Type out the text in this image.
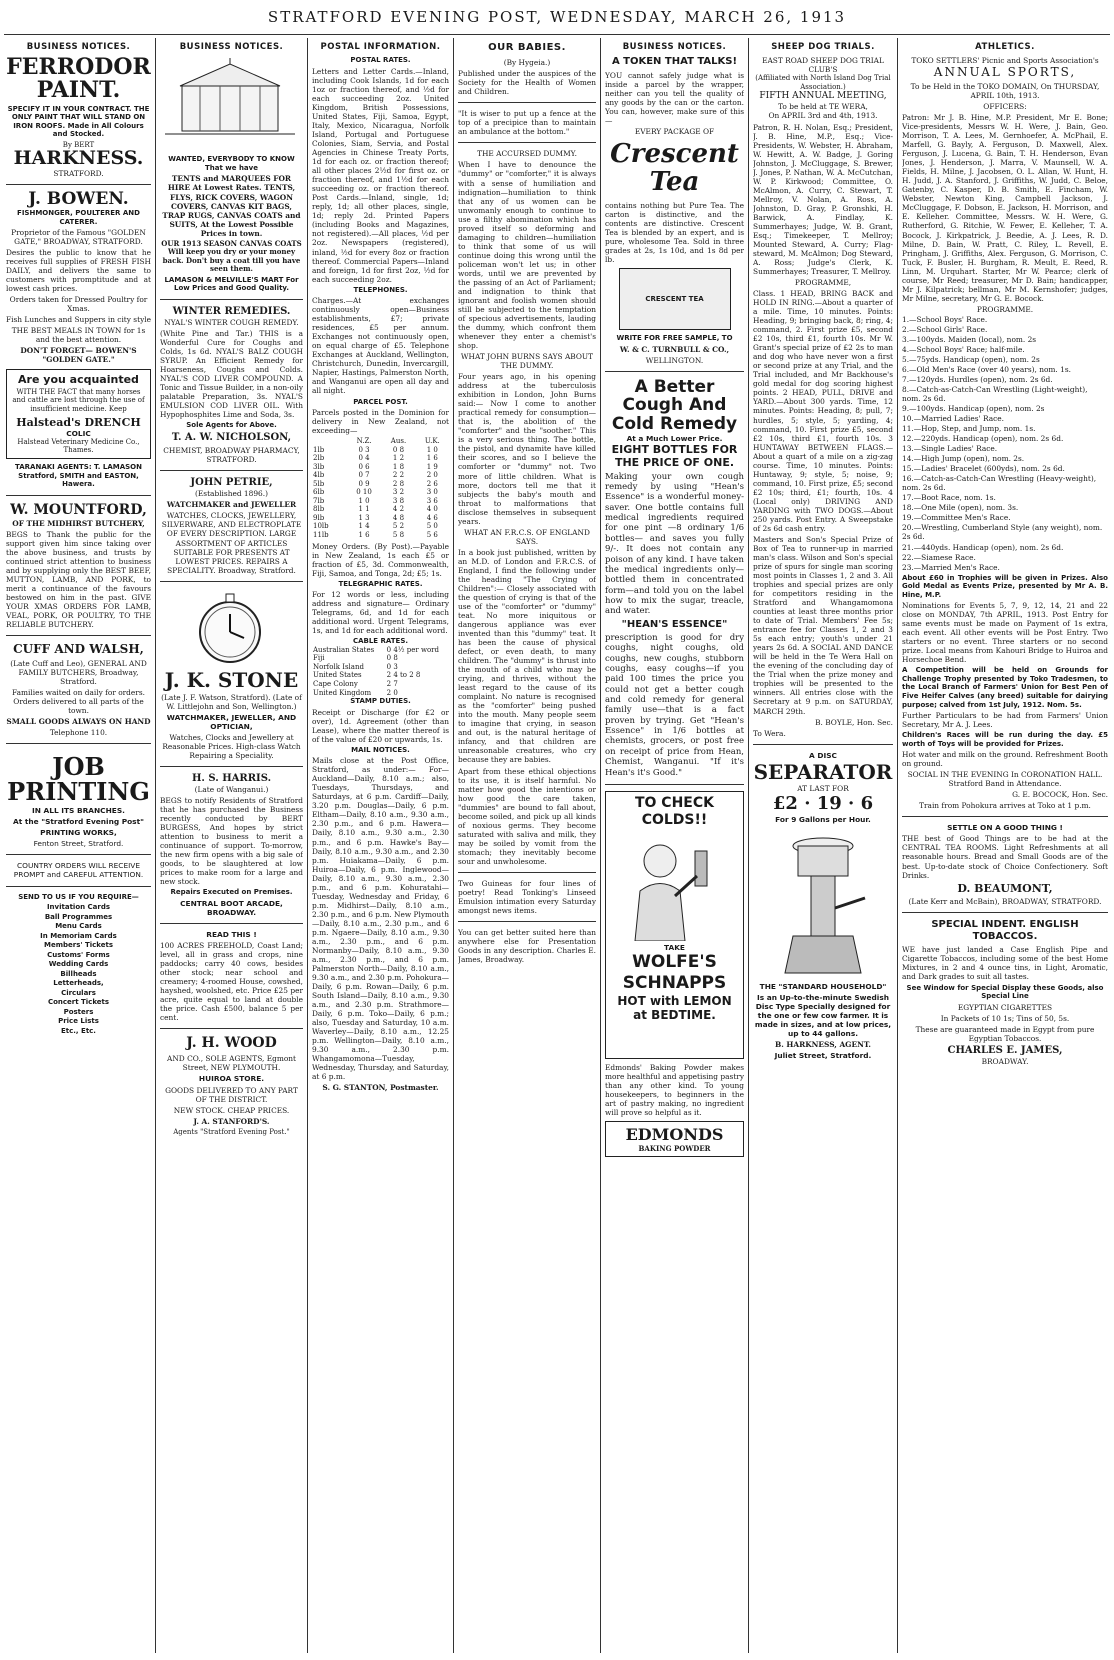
STRATFORD EVENING POST, WEDNESDAY, MARCH 26, 1913
BUSINESS NOTICES.
FERRODOR PAINT.

SPECIFY IT IN YOUR CONTRACT. THE ONLY PAINT THAT WILL STAND ON IRON ROOFS. Made in All Colours and Stocked.

By BERT
HARKNESS.
STRATFORD.
J. BOWEN.
FISHMONGER, POULTERER AND CATERER.

Proprietor of the Famous "GOLDEN GATE," BROADWAY, STRATFORD.

Desires the public to know that he receives full supplies of FRESH FISH DAILY, and delivers the same to customers with promptitude and at lowest cash prices.

Orders taken for Dressed Poultry for Xmas.

Fish Lunches and Suppers in city style

THE BEST MEALS IN TOWN for 1s and the best attention.

DON'T FORGET— BOWEN'S "GOLDEN GATE."

Are you acquainted

WITH THE FACT that many horses and cattle are lost through the use of insufficient medicine. Keep

Halstead's DRENCH
COLIC
Halstead Veterinary Medicine Co., Thames.

TARANAKI AGENTS: T. LAMASON Stratford, SMITH and EASTON, Hawera.

W. MOUNTFORD,
OF THE MIDHIRST BUTCHERY,

BEGS to Thank the public for the support given him since taking over the above business, and trusts by continued strict attention to business and by supplying only the BEST BEEF, MUTTON, LAMB, AND PORK, to merit a continuance of the favours bestowed on him in the past. GIVE YOUR XMAS ORDERS FOR LAMB, VEAL, PORK, OR POULTRY, TO THE RELIABLE BUTCHERY.

CUFF AND WALSH,

(Late Cuff and Leo), GENERAL AND FAMILY BUTCHERS, Broadway, Stratford.

Families waited on daily for orders. Orders delivered to all parts of the town.

SMALL GOODS ALWAYS ON HAND

Telephone 110.

JOB PRINTING

IN ALL ITS BRANCHES.

At the "Stratford Evening Post"

PRINTING WORKS,

Fenton Street, Stratford.

COUNTRY ORDERS WILL RECEIVE PROMPT and CAREFUL ATTENTION.

SEND TO US IF YOU REQUIRE—

Invitation Cards
Ball Programmes
Menu Cards
In Memoriam Cards
Members' Tickets
Customs' Forms
Wedding Cards
Billheads
Letterheads,
Circulars
Concert Tickets
Posters
Price Lists
Etc., Etc.
BUSINESS NOTICES.

WANTED, EVERYBODY TO KNOW That we have

TENTS and MARQUEES FOR HIRE At Lowest Rates. TENTS, FLYS, RICK COVERS, WAGON COVERS, CANVAS KIT BAGS, TRAP RUGS, CANVAS COATS and SUITS, At the Lowest Possible Prices in town.

OUR 1913 SEASON CANVAS COATS Will keep you dry or your money back. Don't buy a coat till you have seen them.

LAMASON & MELVILLE'S MART For Low Prices and Good Quality.

WINTER REMEDIES.
NYAL'S WINTER COUGH REMEDY.

(White Pine and Tar.) THIS is a Wonderful Cure for Coughs and Colds, 1s 6d. NYAL'S BALZ COUGH SYRUP. An Efficient Remedy for Hoarseness, Coughs and Colds. NYAL'S COD LIVER COMPOUND. A Tonic and Tissue Builder, in a non-oily palatable Preparation, 3s. NYAL'S EMULSION COD LIVER OIL. With Hypophosphites Lime and Soda, 3s.

Sole Agents for Above.

T. A. W. NICHOLSON,

CHEMIST, BROADWAY PHARMACY, STRATFORD.

JOHN PETRIE,
(Established 1896.)

WATCHMAKER and JEWELLER

WATCHES, CLOCKS, JEWELLERY, SILVERWARE, AND ELECTROPLATE OF EVERY DESCRIPTION. LARGE ASSORTMENT OF ARTICLES SUITABLE FOR PRESENTS AT LOWEST PRICES. REPAIRS A SPECIALITY. Broadway, Stratford.

J. K. STONE

(Late J. F. Watson, Stratford). (Late of W. Littlejohn and Son, Wellington.)

WATCHMAKER, JEWELLER, AND OPTICIAN,

Watches, Clocks and Jewellery at Reasonable Prices. High-class Watch Repairing a Speciality.

H. S. HARRIS.
(Late of Wanganui.)

BEGS to notify Residents of Stratford that he has purchased the Business recently conducted by BERT BURGESS, And hopes by strict attention to business to merit a continuance of support. To-morrow, the new firm opens with a big sale of goods, to be slaughtered at low prices to make room for a large and new stock.

Repairs Executed on Premises.

CENTRAL BOOT ARCADE, BROADWAY.

READ THIS !

100 ACRES FREEHOLD, Coast Land; level, all in grass and crops, nine paddocks; carry 40 cows, besides other stock; near school and creamery; 4-roomed House, cowshed, hayshed, woolshed, etc. Price £25 per acre, quite equal to land at double the price. Cash £500, balance 5 per cent.

J. H. WOOD

AND CO., SOLE AGENTS, Egmont Street, NEW PLYMOUTH.

HUIROA STORE.

GOODS DELIVERED TO ANY PART OF THE DISTRICT.

NEW STOCK. CHEAP PRICES.

J. A. STANFORD'S.

Agents "Stratford Evening Post."

POSTAL INFORMATION.
POSTAL RATES.

Letters and Letter Cards.—Inland, including Cook Islands, 1d for each 1oz or fraction thereof, and ½d for each succeeding 2oz. United Kingdom, British Possessions, United States, Fiji, Samoa, Egypt, Italy, Mexico, Nicaragua, Norfolk Island, Portugal and Portuguese Colonies, Siam, Servia, and Postal Agencies in Chinese Treaty Ports, 1d for each oz. or fraction thereof; all other places 2½d for first oz. or fraction thereof, and 1½d for each succeeding oz. or fraction thereof. Post Cards.—Inland, single, 1d; reply, 1d; all other places, single, 1d; reply 2d. Printed Papers (including Books and Magazines, not registered).—All places, ½d per 2oz. Newspapers (registered), inland, ½d for every 8oz or fraction thereof. Commercial Papers—Inland and foreign, 1d for first 2oz, ½d for each succeeding 2oz.

TELEPHONES.

Charges.—At exchanges continuously open—Business establishments, £7; private residences, £5 per annum. Exchanges not continuously open, on equal charge of £5. Telephone Exchanges at Auckland, Wellington, Christchurch, Dunedin, Invercargill, Napier, Hastings, Palmerston North, and Wanganui are open all day and all night.

PARCEL POST.

Parcels posted in the Dominion for delivery in New Zealand, not exceeding—

	N.Z.	Aus.	U.K.
1lb	0 3	0 8	1 0
2lb	0 4	1 2	1 6
3lb	0 6	1 8	1 9
4lb	0 7	2 2	2 0
5lb	0 9	2 8	2 6
6lb	0 10	3 2	3 0
7lb	1 0	3 8	3 6
8lb	1 1	4 2	4 0
9lb	1 3	4 8	4 6
10lb	1 4	5 2	5 0
11lb	1 6	5 8	5 6

Money Orders. (By Post).—Payable in New Zealand, 1s each £5 or fraction of £5, 3d. Commonwealth, Fiji, Samoa, and Tonga, 2d; £5; 1s.

TELEGRAPHIC RATES.

For 12 words or less, including address and signature— Ordinary Telegrams, 6d, and 1d for each additional word. Urgent Telegrams, 1s, and 1d for each additional word.

CABLE RATES.
Australian States	0 4½ per word
Fiji	0 8
Norfolk Island	0 3
United States	2 4 to 2 8
Cape Colony	2 7
United Kingdom	2 0
STAMP DUTIES.

Receipt or Discharge (for £2 or over), 1d. Agreement (other than Lease), where the matter thereof is of the value of £20 or upwards, 1s.

MAIL NOTICES.

Mails close at the Post Office, Stratford, as under:— For— Auckland—Daily, 8.10 a.m.; also, Tuesdays, Thursdays, and Saturdays, at 6 p.m. Cardiff—Daily, 3.20 p.m. Douglas—Daily, 6 p.m. Eltham—Daily, 8.10 a.m., 9.30 a.m., 2.30 p.m., and 6 p.m. Hawera—Daily, 8.10 a.m., 9.30 a.m., 2.30 p.m., and 6 p.m. Hawke's Bay—Daily, 8.10 a.m., 9.30 a.m., and 2.30 p.m. Huiakama—Daily, 6 p.m. Huiroa—Daily, 6 p.m. Inglewood—Daily, 8.10 a.m., 9.30 a.m., 2.30 p.m., and 6 p.m. Kohuratahi—Tuesday, Wednesday and Friday, 6 p.m. Midhirst—Daily, 8.10 a.m., 2.30 p.m., and 6 p.m. New Plymouth—Daily, 8.10 a.m., 2.30 p.m., and 6 p.m. Ngaere—Daily, 8.10 a.m., 9.30 a.m., 2.30 p.m., and 6 p.m. Normanby—Daily, 8.10 a.m., 9.30 a.m., 2.30 p.m., and 6 p.m. Palmerston North—Daily, 8.10 a.m., 9.30 a.m., and 2.30 p.m. Pohokura—Daily, 6 p.m. Rowan—Daily, 6 p.m. South Island—Daily, 8.10 a.m., 9.30 a.m., and 2.30 p.m. Strathmore—Daily, 6 p.m. Toko—Daily, 6 p.m.; also, Tuesday and Saturday, 10 a.m. Waverley—Daily, 8.10 a.m., 12.25 p.m. Wellington—Daily, 8.10 a.m., 9.30 a.m., 2.30 p.m. Whangamomona—Tuesday, Wednesday, Thursday, and Saturday, at 6 p.m.

S. G. STANTON, Postmaster.

OUR BABIES.
(By Hygeia.)

Published under the auspices of the Society for the Health of Women and Children.

"It is wiser to put up a fence at the top of a precipice than to maintain an ambulance at the bottom."

THE ACCURSED DUMMY.

When I have to denounce the "dummy" or "comforter," it is always with a sense of humiliation and indignation—humiliation to think that any of us women can be unwomanly enough to continue to use a filthy abomination which has proved itself so deforming and damaging to children—humiliation to think that some of us will continue doing this wrong until the policeman won't let us; in other words, until we are prevented by the passing of an Act of Parliament; and indignation to think that ignorant and foolish women should still be subjected to the temptation of specious advertisements, lauding the dummy, which confront them whenever they enter a chemist's shop.

WHAT JOHN BURNS SAYS ABOUT THE DUMMY.

Four years ago, in his opening address at the tuberculosis exhibition in London, John Burns said:— Now I come to another practical remedy for consumption—that is, the abolition of the "comforter" and the "soother." This is a very serious thing. The bottle, the pistol, and dynamite have killed their scores, and so I believe the comforter or "dummy" not. Two more of little children. What is more, doctors tell me that it subjects the baby's mouth and throat to malformations that disclose themselves in subsequent years.

WHAT AN F.R.C.S. OF ENGLAND SAYS.

In a book just published, written by an M.D. of London and F.R.C.S. of England, I find the following under the heading "The Crying of Children":— Closely associated with the question of crying is that of the use of the "comforter" or "dummy" teat. No more iniquitous or dangerous appliance was ever invented than this "dummy" teat. It has been the cause of physical defect, or even death, to many children. The "dummy" is thrust into the mouth of a child who may be crying, and thrives, without the least regard to the cause of its complaint. No nature is recognised as the "comforter" being pushed into the mouth. Many people seem to imagine that crying, in season and out, is the natural heritage of infancy, and that children are unreasonable creatures, who cry because they are babies.

Apart from these ethical objections to its use, it is itself harmful. No matter how good the intentions or how good the care taken, "dummies" are bound to fall about, become soiled, and pick up all kinds of noxious germs. They become saturated with saliva and milk, they may be soiled by vomit from the stomach; they inevitably become sour and unwholesome.

Two Guineas for four lines of poetry! Read Tonking's Linseed Emulsion intimation every Saturday amongst news items.

You can get better suited here than anywhere else for Presentation Goods in any description. Charles E. James, Broadway.

BUSINESS NOTICES.
A TOKEN THAT TALKS!

YOU cannot safely judge what is inside a parcel by the wrapper, neither can you tell the quality of any goods by the can or the carton. You can, however, make sure of this—

EVERY PACKAGE OF
Crescent Tea

contains nothing but Pure Tea. The carton is distinctive, and the contents are distinctive. Crescent Tea is blended by an expert, and is pure, wholesome Tea. Sold in three grades at 2s, 1s 10d, and 1s 8d per lb.

CRESCENT TEA

WRITE FOR FREE SAMPLE, TO

W. & C. TURNBULL & CO.,

WELLINGTON.

A Better Cough And Cold Remedy
At a Much Lower Price.
EIGHT BOTTLES FOR THE PRICE OF ONE.

Making your own cough remedy by using "Hean's Essence" is a wonderful money-saver. One bottle contains full medical ingredients required for one pint —8 ordinary 1/6 bottles— and saves you fully 9/-. It does not contain any poison of any kind. I have taken the medical ingredients only—bottled them in concentrated form—and told you on the label how to mix the sugar, treacle, and water.

"HEAN'S ESSENCE"

prescription is good for dry coughs, night coughs, old coughs, new coughs, stubborn coughs, easy coughs—if you paid 100 times the price you could not get a better cough and cold remedy for general family use—that is a fact proven by trying. Get "Hean's Essence" in 1/6 bottles at chemists, grocers, or post free on receipt of price from Hean, Chemist, Wanganui. "If it's Hean's it's Good."

TO CHECK COLDS!!
TAKE
WOLFE'S SCHNAPPS
HOT with LEMON at BEDTIME.

Edmonds' Baking Powder makes more healthful and appetising pastry than any other kind. To young housekeepers, to beginners in the art of pastry making, no ingredient will prove so helpful as it.

EDMONDS
BAKING POWDER
SHEEP DOG TRIALS.
EAST ROAD SHEEP DOG TRIAL CLUB'S
(Affiliated with North Island Dog Trial Association.)
FIFTH ANNUAL MEETING,
To be held at TE WERA,
On APRIL 3rd and 4th, 1913.

Patron, R. H. Nolan, Esq.; President, J. B. Hine, M.P., Esq.; Vice-Presidents, W. Webster, H. Abraham, W. Hewitt, A. W. Badge, J. Goring Johnston, J. McCluggage, S. Brewer, J. Jones, P. Nathan, W. A. McCutchan, W. P. Kirkwood; Committee, O. McAlmon, A. Curry, C. Stewart, T. Mellroy, V. Nolan, A. Ross, A. Johnston, D. Gray, P. Gronshki, H. Barwick, A. Findlay, K. Summerhayes; Judge, W. B. Grant, Esq.; Timekeeper, T. Mellroy; Mounted Steward, A. Curry; Flag-steward, M. McAlmon; Dog Steward, A. Ross; Judge's Clerk, K. Summerhayes; Treasurer, T. Mellroy.

PROGRAMME,

Class. 1 HEAD, BRING BACK and HOLD IN RING.—About a quarter of a mile. Time, 10 minutes. Points: Heading, 9; bringing back, 8; ring, 4; command, 2. First prize £5, second £2 10s, third £1, fourth 10s. Mr W. Grant's special prize of £2 2s to man and dog who have never won a first or second prize at any Trial, and the Trial included, and Mr Backhouse's gold medal for dog scoring highest points. 2 HEAD, PULL, DRIVE and YARD.—About 300 yards. Time, 12 minutes. Points: Heading, 8; pull, 7; hurdles, 5; style, 5; yarding, 4; command, 10. First prize £5, second £2 10s, third £1, fourth 10s. 3 HUNTAWAY BETWEEN FLAGS.—About a quart of a mile on a zig-zag course. Time, 10 minutes. Points: Huntaway, 9; style, 5; noise, 9; command, 10. First prize, £5; second £2 10s; third, £1; fourth, 10s. 4 (Local only) DRIVING AND YARDING with TWO DOGS.—About 250 yards. Post Entry. A Sweepstake of 2s 6d cash entry.

Masters and Son's Special Prize of Box of Tea to runner-up in married man's class. Wilson and Son's special prize of spurs for single man scoring most points in Classes 1, 2 and 3. All trophies and special prizes are only for competitors residing in the Stratford and Whangamomona counties at least three months prior to date of Trial. Members' Fee 5s; entrance fee for Classes 1, 2 and 3 5s each entry; youth's under 21 years 2s 6d. A SOCIAL AND DANCE will be held in the Te Wera Hall on the evening of the concluding day of the Trial when the prize money and trophies will be presented to the winners. All entries close with the Secretary at 9 p.m. on SATURDAY, MARCH 29th.

B. BOYLE, Hon. Sec.

To Wera.

A DISC
SEPARATOR
AT LAST FOR
£2 · 19 · 6
For 9 Gallons per Hour.
THE "STANDARD HOUSEHOLD"

Is an Up-to-the-minute Swedish Disc Type Specially designed for the one or few cow farmer. It is made in sizes, and at low prices, up to 44 gallons.

B. HARKNESS, AGENT.

Juliet Street, Stratford.

ATHLETICS.
TOKO SETTLERS' Picnic and Sports Association's
ANNUAL SPORTS,

To be Held in the TOKO DOMAIN, On THURSDAY, APRIL 10th, 1913.

OFFICERS:

Patron: Mr J. B. Hine, M.P. President, Mr E. Bone; Vice-presidents, Messrs W. H. Were, J. Bain, Geo. Morrison, T. A. Lees, M. Gernhoefer, A. McPhail, E. Marfell, G. Bayly, A. Ferguson, D. Maxwell, Alex. Ferguson, J. Lucena, G. Bain, T. H. Henderson, Evan Jones, J. Henderson, J. Marra, V. Maunsell, W. A. Fields, H. Milne, J. Jacobsen, O. L. Allan, W. Hunt, H. H. Judd, J. A. Stanford, J. Griffiths, W. Judd, C. Beloe, Gatenby, C. Kasper, D. B. Smith, E. Fincham, W. Webster, Newton King, Campbell Jackson, J. McCluggage, F. Dobson, E. Jackson, H. Morrison, and E. Kelleher. Committee, Messrs. W. H. Were, G. Rutherford, G. Ritchie, W. Fewer, E. Kelleher, T. A. Bocock, J. Kirkpatrick, J. Beedie, A. J. Lees, R. D. Milne, D. Bain, W. Pratt, C. Riley, L. Revell, E. Pringham, J. Griffiths, Alex. Ferguson, G. Morrison, C. Tuck, F. Busler, H. Burgham, R. Meult, E. Reed, R. Linn, M. Urquhart. Starter, Mr W. Pearce; clerk of course, Mr Reed; treasurer, Mr D. Bain; handicapper, Mr J. Kilpatrick; bellman, Mr M. Kernshofer; judges, Mr Milne, secretary, Mr G. E. Bocock.

PROGRAMME.
1.—School Boys' Race.
2.—School Girls' Race.
3.—100yds. Maiden (local), nom. 2s
4.—School Boys' Race; half-mile.
5.—75yds. Handicap (open), nom. 2s
6.—Old Men's Race (over 40 years), nom. 1s.
7.—120yds. Hurdles (open), nom. 2s 6d.
8.—Catch-as-Catch-Can Wrestling (Light-weight), nom. 2s 6d.
9.—100yds. Handicap (open), nom. 2s
10.—Married Ladies' Race.
11.—Hop, Step, and Jump, nom. 1s.
12.—220yds. Handicap (open), nom. 2s 6d.
13.—Single Ladies' Race.
14.—High Jump (open), nom. 2s.
15.—Ladies' Bracelet (600yds), nom. 2s 6d.
16.—Catch-as-Catch-Can Wrestling (Heavy-weight), nom. 2s 6d.
17.—Boot Race, nom. 1s.
18.—One Mile (open), nom. 3s.
19.—Committee Men's Race.
20.—Wrestling, Cumberland Style (any weight), nom. 2s 6d.
21.—440yds. Handicap (open), nom. 2s 6d.
22.—Siamese Race.
23.—Married Men's Race.

About £60 in Trophies will be given in Prizes. Also Gold Medal as Events Prize, presented by Mr A. B. Hine, M.P.

Nominations for Events 5, 7, 9, 12, 14, 21 and 22 close on MONDAY, 7th APRIL, 1913. Post Entry for same events must be made on Payment of 1s extra, each event. All other events will be Post Entry. Two starters or no event. Three starters or no second prize. Local means from Kahouri Bridge to Huiroa and Horsechoe Bend.

A Competition will be held on Grounds for Challenge Trophy presented by Toko Tradesmen, to the Local Branch of Farmers' Union for Best Pen of Five Heifer Calves (any breed) suitable for dairying purpose; calved from 1st July, 1912. Nom. 5s.

Further Particulars to be had from Farmers' Union Secretary, Mr A. J. Lees.

Children's Races will be run during the day. £5 worth of Toys will be provided for Prizes.

Hot water and milk on the ground. Refreshment Booth on ground.

SOCIAL IN THE EVENING In CORONATION HALL. Stratford Band in Attendance.

G. E. BOCOCK, Hon. Sec.

Train from Pohokura arrives at Toko at 1 p.m.

SETTLE ON A GOOD THING !

THE best of Good Things are to be had at the CENTRAL TEA ROOMS. Light Refreshments at all reasonable hours. Bread and Small Goods are of the best. Up-to-date stock of Choice Confectionery. Soft Drinks.

D. BEAUMONT,

(Late Kerr and McBain), BROADWAY, STRATFORD.

SPECIAL INDENT. ENGLISH TOBACCOS.

WE have just landed a Case English Pipe and Cigarette Tobaccos, including some of the best Home Mixtures, in 2 and 4 ounce tins, in Light, Aromatic, and Dark grades to suit all tastes.

See Window for Special Display these Goods, also Special Line

EGYPTIAN CIGARETTES

In Packets of 10 1s; Tins of 50, 5s.

These are guaranteed made in Egypt from pure Egyptian Tobaccos.

CHARLES E. JAMES,
BROADWAY.
